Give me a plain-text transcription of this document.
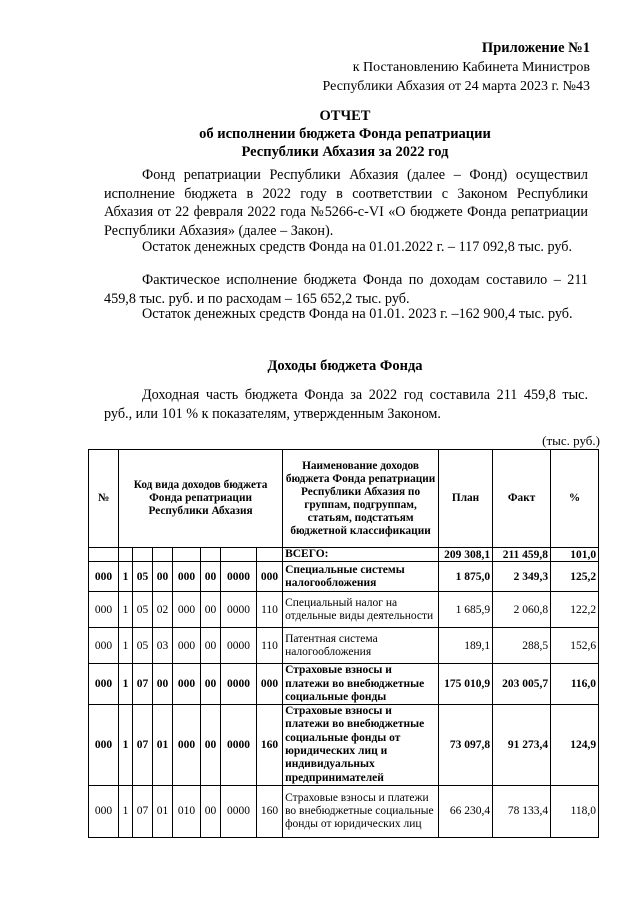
Приложение №1
к Постановлению Кабинета Министров
Республики Абхазия от 24 марта 2023 г. №43
ОТЧЕТ
об исполнении бюджета Фонда репатриации
Республики Абхазия за 2022 год
Фонд репатриации Республики Абхазия (далее – Фонд) осуществил исполнение бюджета в 2022 году в соответствии с Законом Республики Абхазия от 22 февраля 2022 года №5266-с-VI «О бюджете Фонда репатриации Республики Абхазия» (далее – Закон).
Остаток денежных средств Фонда на 01.01.2022 г. – 117 092,8 тыс. руб.
Фактическое исполнение бюджета Фонда по доходам составило – 211 459,8 тыс. руб. и по расходам – 165 652,2 тыс. руб.
Остаток денежных средств Фонда на 01.01. 2023 г. –162 900,4 тыс. руб.
Доходы бюджета Фонда
Доходная часть бюджета Фонда за 2022 год составила 211 459,8 тыс. руб., или 101 % к показателям, утвержденным Законом.
(тыс. руб.)
№	Код вида доходов бюджета Фонда репатриации Республики Абхазия							Наименование доходов бюджета Фонда репатриации Республики Абхазия по группам, подгруппам, статьям, подстатьям бюджетной классификации	План	Факт	%
								ВСЕГО:	209 308,1	211 459,8	101,0
000	1	05	00	000	00	0000	000	Специальные системы налогообложения	1 875,0	2 349,3	125,2
000	1	05	02	000	00	0000	110	Специальный налог на отдельные виды деятельности	1 685,9	2 060,8	122,2
000	1	05	03	000	00	0000	110	Патентная система налогообложения	189,1	288,5	152,6
000	1	07	00	000	00	0000	000	Страховые взносы и платежи во внебюджетные социальные фонды	175 010,9	203 005,7	116,0
000	1	07	01	000	00	0000	160	Страховые взносы и платежи во внебюджетные социальные фонды от юридических лиц и индивидуальных предпринимателей	73 097,8	91 273,4	124,9
000	1	07	01	010	00	0000	160	Страховые взносы и платежи во внебюджетные социальные фонды от юридических лиц	66 230,4	78 133,4	118,0
